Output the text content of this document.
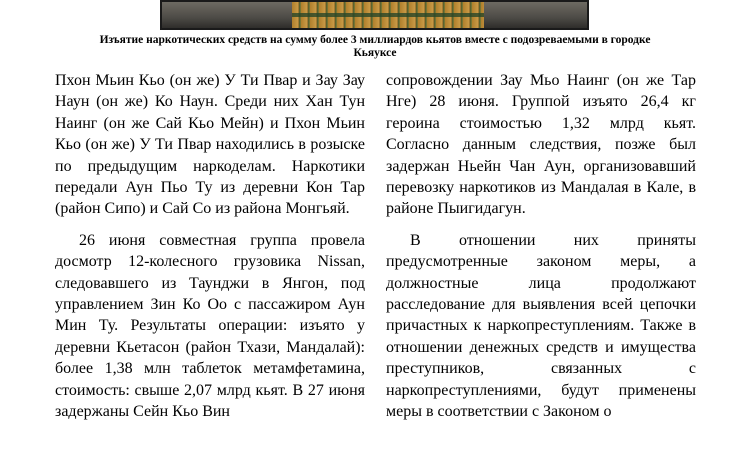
Изъятие наркотических средств на сумму более 3 миллиардов кьятов вместе с подозреваемыми в городке
Кьяуксе

Пхон Мьин Кьо (он же) У Ти Пвар и Зау Зау Наун (он же) Ко Наун. Среди них Хан Тун Наинг (он же Сай Кьо Мейн) и Пхон Мьин Кьо (он же) У Ти Пвар находились в розыске по предыдущим наркоделам. Наркотики передали Аун Пьо Ту из деревни Кон Тар (район Сипо) и Сай Со из района Монгьяй.

26 июня совместная группа провела досмотр 12-колесного грузовика Nissan, следовавшего из Таунджи в Янгон, под управлением Зин Ко Оо с пассажиром Аун Мин Ту. Результаты операции: изъято у деревни Кьетасон (район Тхази, Мандалай): более 1,38 млн таблеток метамфетамина, стоимость: свыше 2,07 млрд кьят. В 27 июня задержаны Сейн Кьо Вин

сопровождении Зау Мьо Наинг (он же Тар Нге) 28 июня. Группой изъято 26,4 кг героина стоимостью 1,32 млрд кьят. Согласно данным следствия, позже был задержан Ньейн Чан Аун, организовавший перевозку наркотиков из Мандалая в Кале, в районе Пыигидагун.

В отношении них приняты предусмотренные законом меры, а должностные лица продолжают расследование для выявления всей цепочки причастных к наркопреступлениям. Также в отношении денежных средств и имущества преступников, связанных с наркопреступлениями, будут применены меры в соответствии с Законом о
